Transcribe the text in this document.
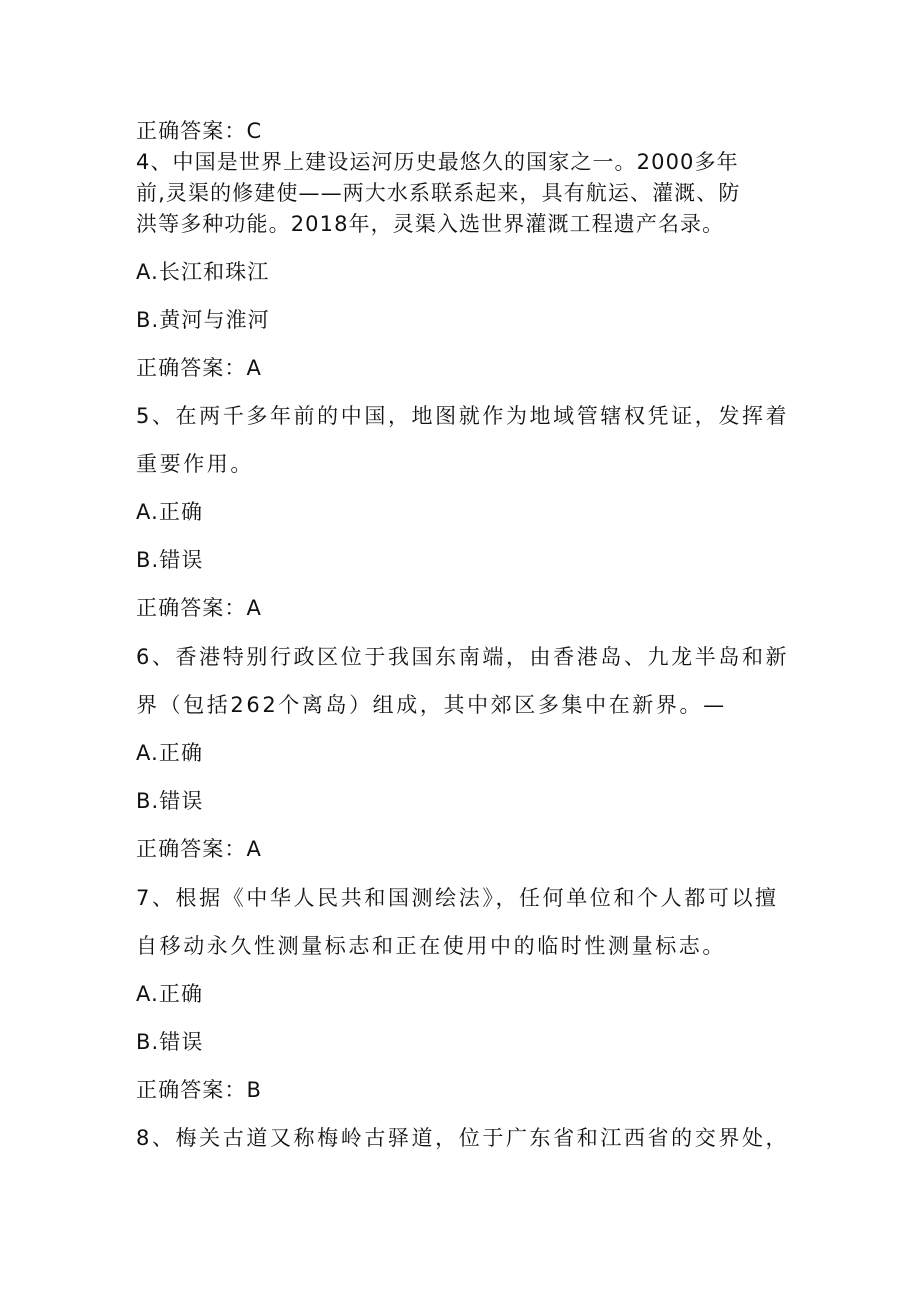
正确答案：C
4、中国是世界上建设运河历史最悠久的国家之一。2000多年
前,灵渠的修建使——两大水系联系起来，具有航运、灌溉、防
洪等多种功能。2018年，灵渠入选世界灌溉工程遗产名录。
A.长江和珠江
B.黄河与淮河
正确答案：A
5、在两千多年前的中国，地图就作为地域管辖权凭证，发挥着
重要作用。
A.正确
B.错误
正确答案：A
6、香港特别行政区位于我国东南端，由香港岛、九龙半岛和新
界（包括262个离岛）组成，其中郊区多集中在新界。—
A.正确
B.错误
正确答案：A
7、根据《中华人民共和国测绘法》，任何单位和个人都可以擅
自移动永久性测量标志和正在使用中的临时性测量标志。
A.正确
B.错误
正确答案：B
8、梅关古道又称梅岭古驿道，位于广东省和江西省的交界处，
